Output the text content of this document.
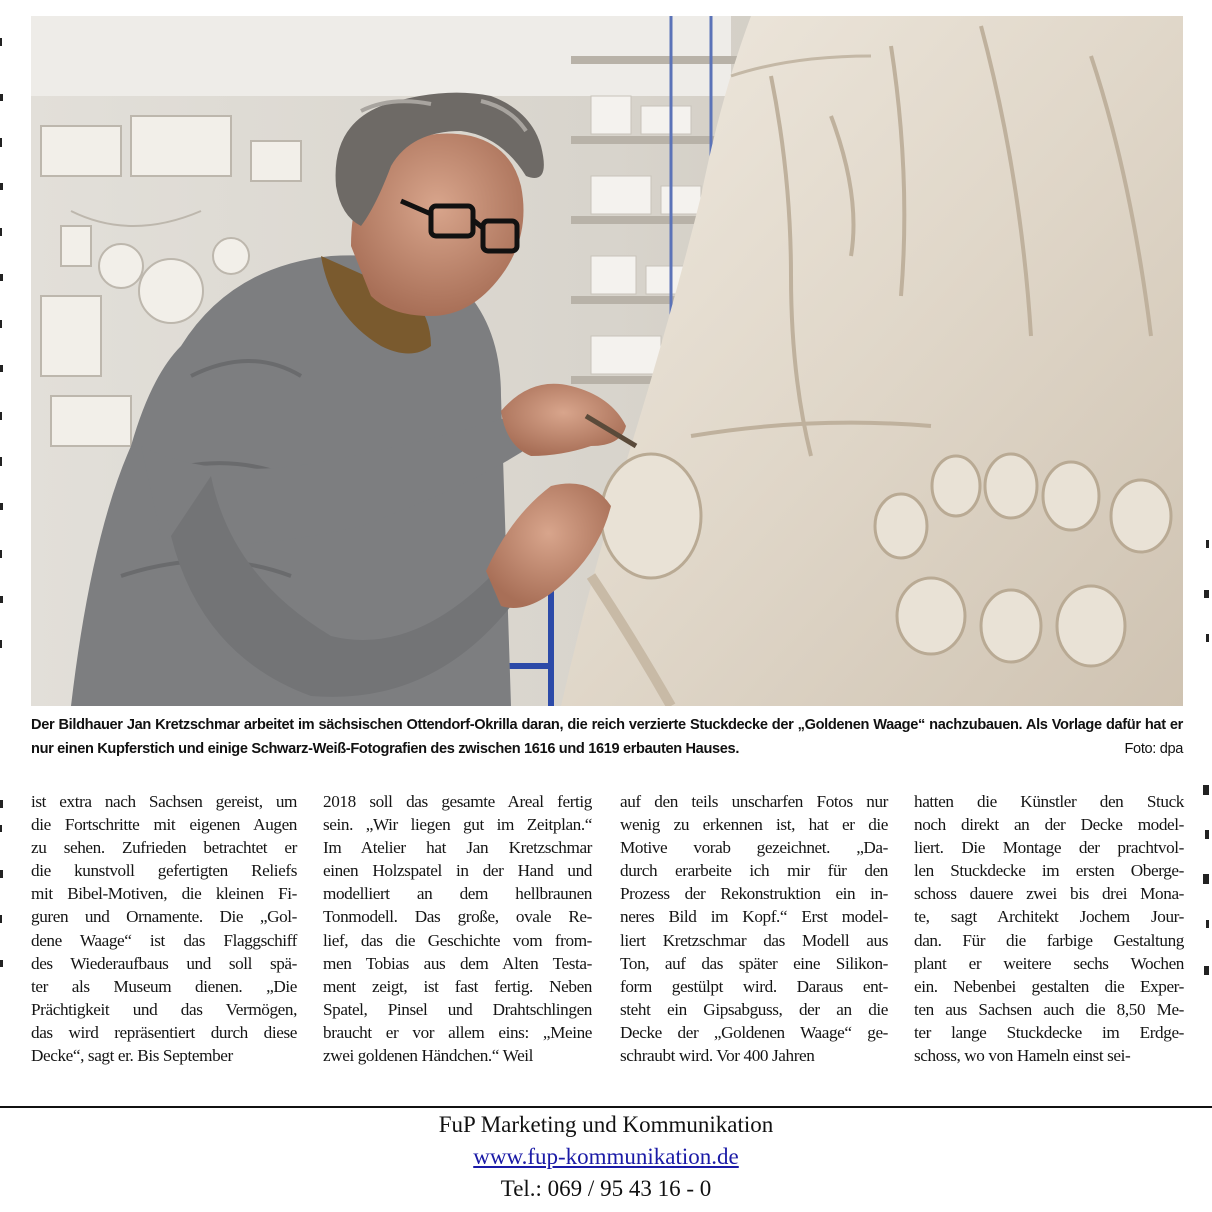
Der Bildhauer Jan Kretzschmar arbeitet im sächsischen Ottendorf-Okrilla daran, die reich verzierte Stuckdecke der „Goldenen Waage“ nachzubauen. Als Vorlage dafür hat er nur einen Kupferstich und einige Schwarz-Weiß-Fotografien des zwischen 1616 und 1619 erbauten Hauses.	Foto: dpa
ist extra nach Sachsen gereist, um
die Fortschritte mit eigenen Augen
zu sehen. Zufrieden betrachtet er
die kunstvoll gefertigten Reliefs
mit Bibel-Motiven, die kleinen Fi-
guren und Ornamente. Die „Gol-
dene Waage“ ist das Flaggschiff
des Wiederaufbaus und soll spä-
ter als Museum dienen. „Die
Prächtigkeit und das Vermögen,
das wird repräsentiert durch diese
Decke“, sagt er. Bis September
2018 soll das gesamte Areal fertig
sein. „Wir liegen gut im Zeitplan.“
Im Atelier hat Jan Kretzschmar
einen Holzspatel in der Hand und
modelliert an dem hellbraunen
Tonmodell. Das große, ovale Re-
lief, das die Geschichte vom from-
men Tobias aus dem Alten Testa-
ment zeigt, ist fast fertig. Neben
Spatel, Pinsel und Drahtschlingen
braucht er vor allem eins: „Meine
zwei goldenen Händchen.“ Weil
auf den teils unscharfen Fotos nur
wenig zu erkennen ist, hat er die
Motive vorab gezeichnet. „Da-
durch erarbeite ich mir für den
Prozess der Rekonstruktion ein in-
neres Bild im Kopf.“ Erst model-
liert Kretzschmar das Modell aus
Ton, auf das später eine Silikon-
form gestülpt wird. Daraus ent-
steht ein Gipsabguss, der an die
Decke der „Goldenen Waage“ ge-
schraubt wird. Vor 400 Jahren
hatten die Künstler den Stuck
noch direkt an der Decke model-
liert. Die Montage der prachtvol-
len Stuckdecke im ersten Oberge-
schoss dauere zwei bis drei Mona-
te, sagt Architekt Jochem Jour-
dan. Für die farbige Gestaltung
plant er weitere sechs Wochen
ein. Nebenbei gestalten die Exper-
ten aus Sachsen auch die 8,50 Me-
ter lange Stuckdecke im Erdge-
schoss, wo von Hameln einst sei-
FuP Marketing und Kommunikation
www.fup-kommunikation.de
Tel.: 069 / 95 43 16 - 0
